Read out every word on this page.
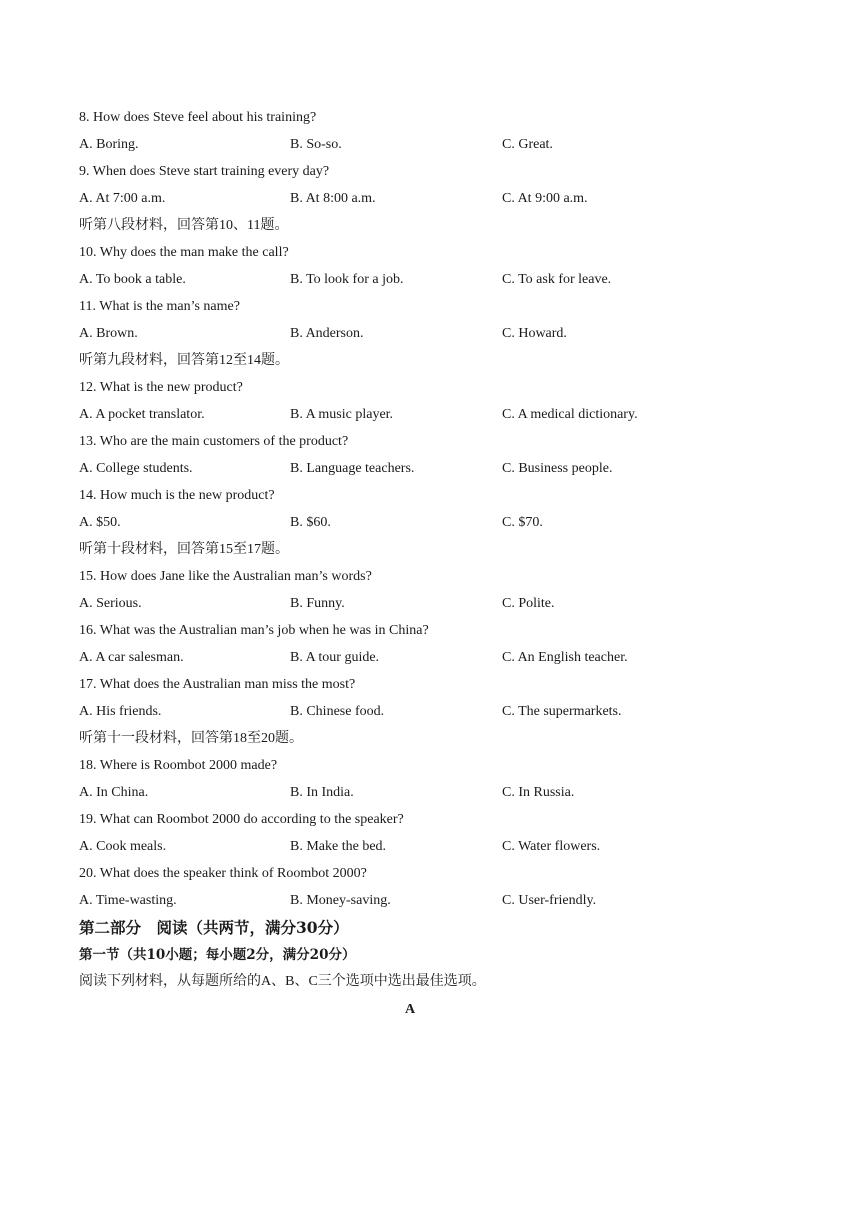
8. How does Steve feel about his training?
A. Boring.	B. So-so.	C. Great.
9. When does Steve start training every day?
A. At 7:00 a.m.	B. At 8:00 a.m.	C. At 9:00 a.m.
听第八段材料，回答第10、11题。
10. Why does the man make the call?
A. To book a table.	B. To look for a job.	C. To ask for leave.
11. What is the man’s name?
A. Brown.	B. Anderson.	C. Howard.
听第九段材料，回答第12至14题。
12. What is the new product?
A. A pocket translator.	B. A music player.	C. A medical dictionary.
13. Who are the main customers of the product?
A. College students.	B. Language teachers.	C. Business people.
14. How much is the new product?
A. $50.	B. $60.	C. $70.
听第十段材料，回答第15至17题。
15. How does Jane like the Australian man’s words?
A. Serious.	B. Funny.	C. Polite.
16. What was the Australian man’s job when he was in China?
A. A car salesman.	B. A tour guide.	C. An English teacher.
17. What does the Australian man miss the most?
A. His friends.	B. Chinese food.	C. The supermarkets.
听第十一段材料，回答第18至20题。
18. Where is Roombot 2000 made?
A. In China.	B. In India.	C. In Russia.
19. What can Roombot 2000 do according to the speaker?
A. Cook meals.	B. Make the bed.	C. Water flowers.
20. What does the speaker think of Roombot 2000?
A. Time-wasting.	B. Money-saving.	C. User-friendly.
第二部分　阅读（共两节，满分30分）
第一节（共10小题；每小题2分，满分20分）
阅读下列材料，从每题所给的A、B、C三个选项中选出最佳选项。
A
